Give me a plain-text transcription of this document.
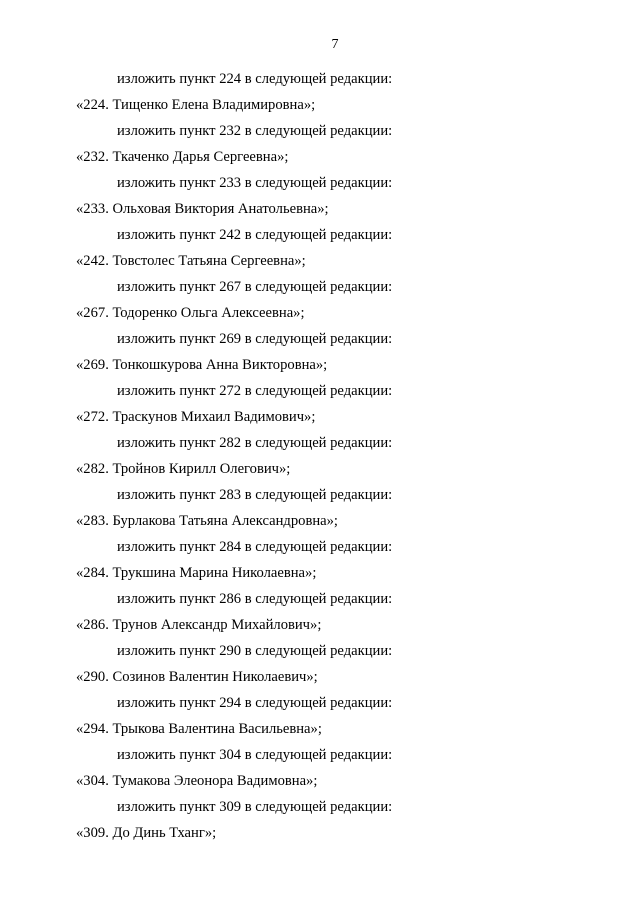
7
изложить пункт 224 в следующей редакции:
«224. Тищенко Елена Владимировна»;
изложить пункт 232 в следующей редакции:
«232. Ткаченко Дарья Сергеевна»;
изложить пункт 233 в следующей редакции:
«233. Ольховая Виктория Анатольевна»;
изложить пункт 242 в следующей редакции:
«242. Товстолес Татьяна Сергеевна»;
изложить пункт 267 в следующей редакции:
«267. Тодоренко Ольга Алексеевна»;
изложить пункт 269 в следующей редакции:
«269. Тонкошкурова Анна Викторовна»;
изложить пункт 272 в следующей редакции:
«272. Траскунов Михаил Вадимович»;
изложить пункт 282 в следующей редакции:
«282. Тройнов Кирилл Олегович»;
изложить пункт 283 в следующей редакции:
«283. Бурлакова Татьяна Александровна»;
изложить пункт 284 в следующей редакции:
«284. Трукшина Марина Николаевна»;
изложить пункт 286 в следующей редакции:
«286. Трунов Александр Михайлович»;
изложить пункт 290 в следующей редакции:
«290. Созинов Валентин Николаевич»;
изложить пункт 294 в следующей редакции:
«294. Трыкова Валентина Васильевна»;
изложить пункт 304 в следующей редакции:
«304. Тумакова Элеонора Вадимовна»;
изложить пункт 309 в следующей редакции:
«309. До Динь Тханг»;
